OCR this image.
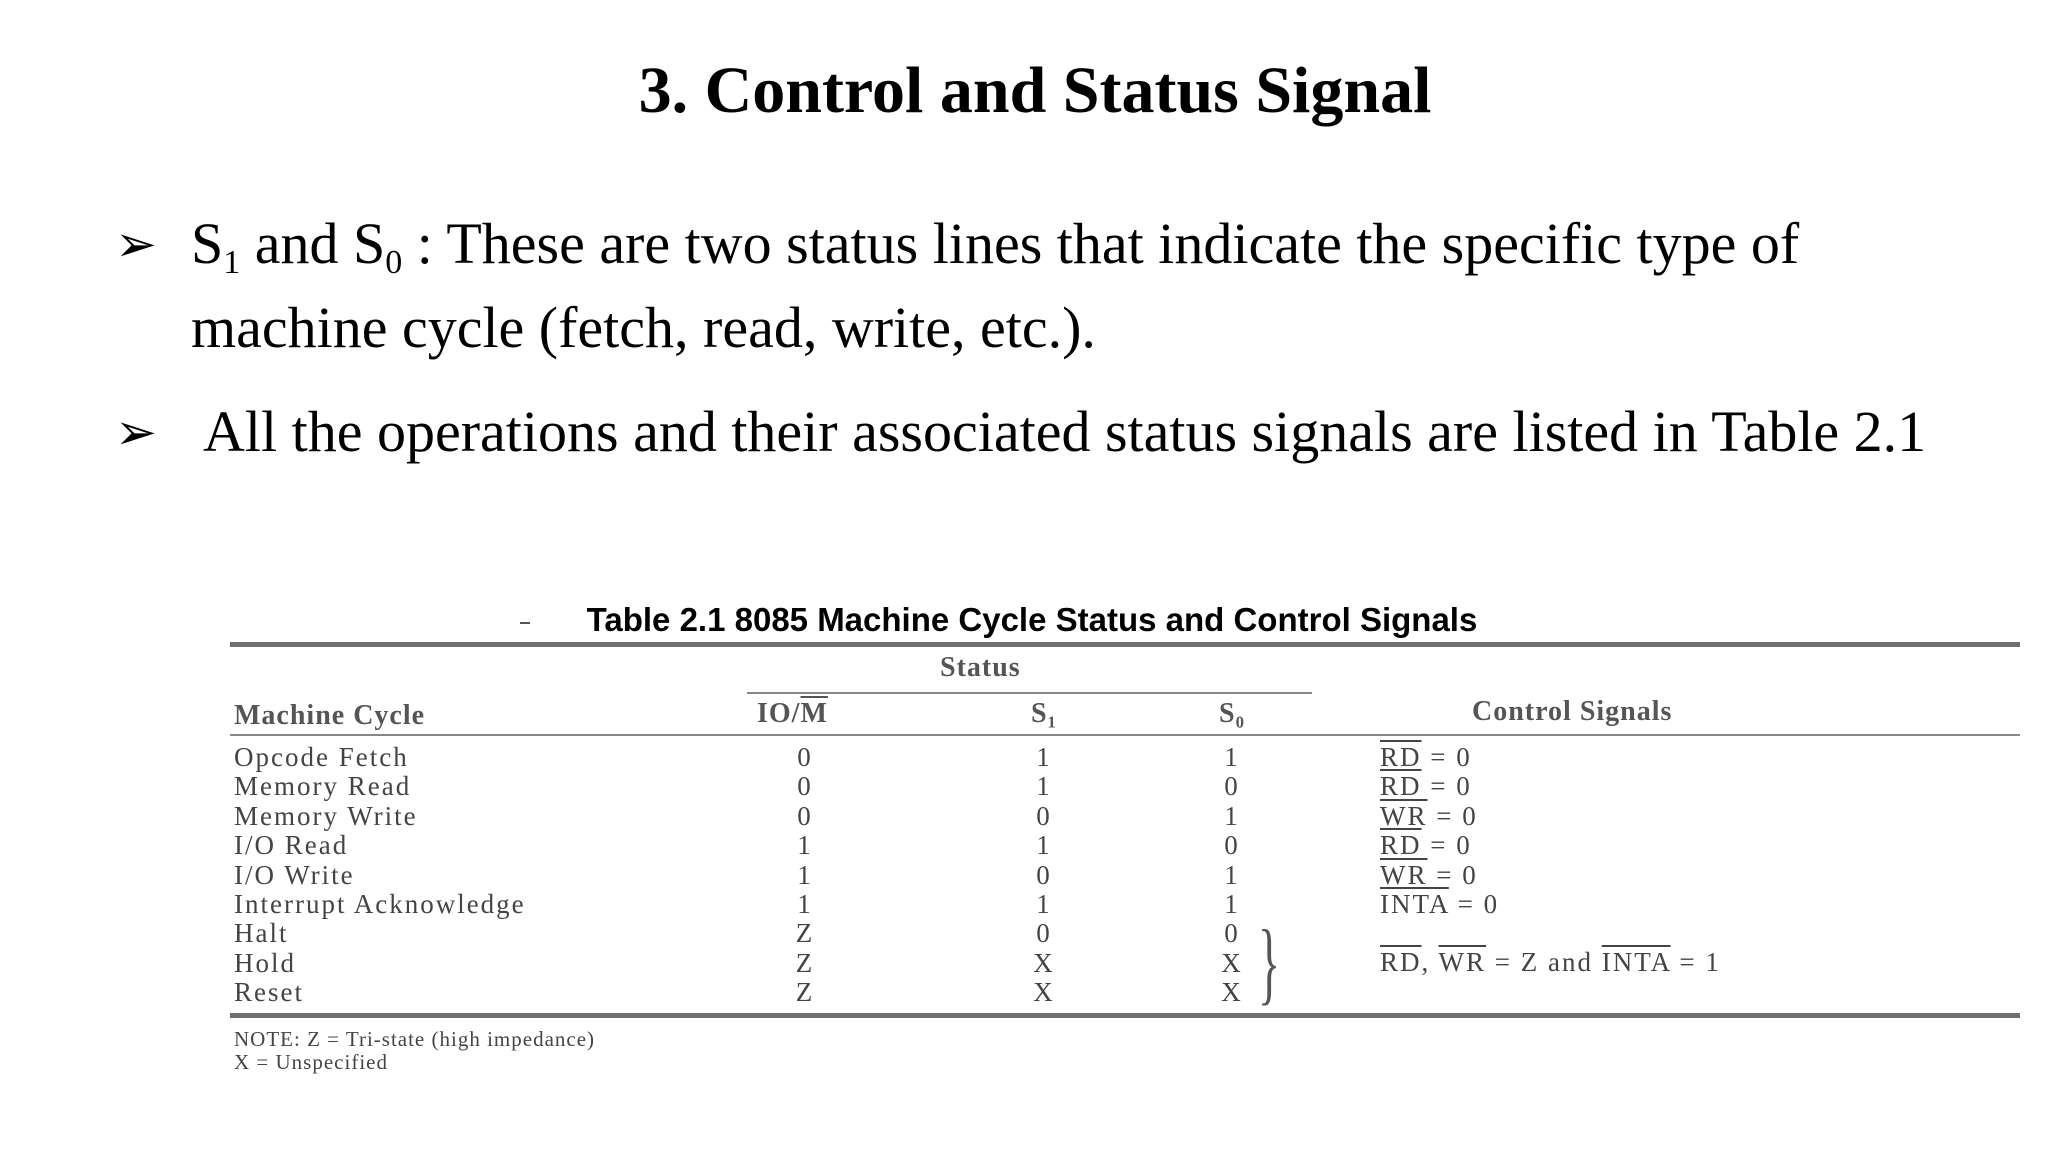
3. Control and Status Signal
➢ $S_1$ and $S_0$ : These are two status lines that indicate the specific type of machine cycle (fetch, read, write, etc.).
➢ All the operations and their associated status signals are listed in Table 2.1
Table 2.1 8085 Machine Cycle Status and Control Signals
Status
Machine Cycle	$IO/\overline{M}$	S₁	S₀	Control Signals
Opcode Fetch	0	1	1	$\overline{RD} = 0$
Memory Read	0	1	0	$\overline{RD} = 0$
Memory Write	0	0	1	$\overline{WR} = 0$
I/O Read	1	1	0	$\overline{RD} = 0$
I/O Write	1	0	1	$\overline{WR} = 0$
Interrupt Acknowledge	1	1	1	INTA = 0
Halt	Z	0	0
Hold	Z	X	X
Reset	Z	X	X }	$\overline{RD}$, $\overline{WR} = Z$ and INTA = 1
NOTE: Z = Tri-state (high impedance)
X = Unspecified
